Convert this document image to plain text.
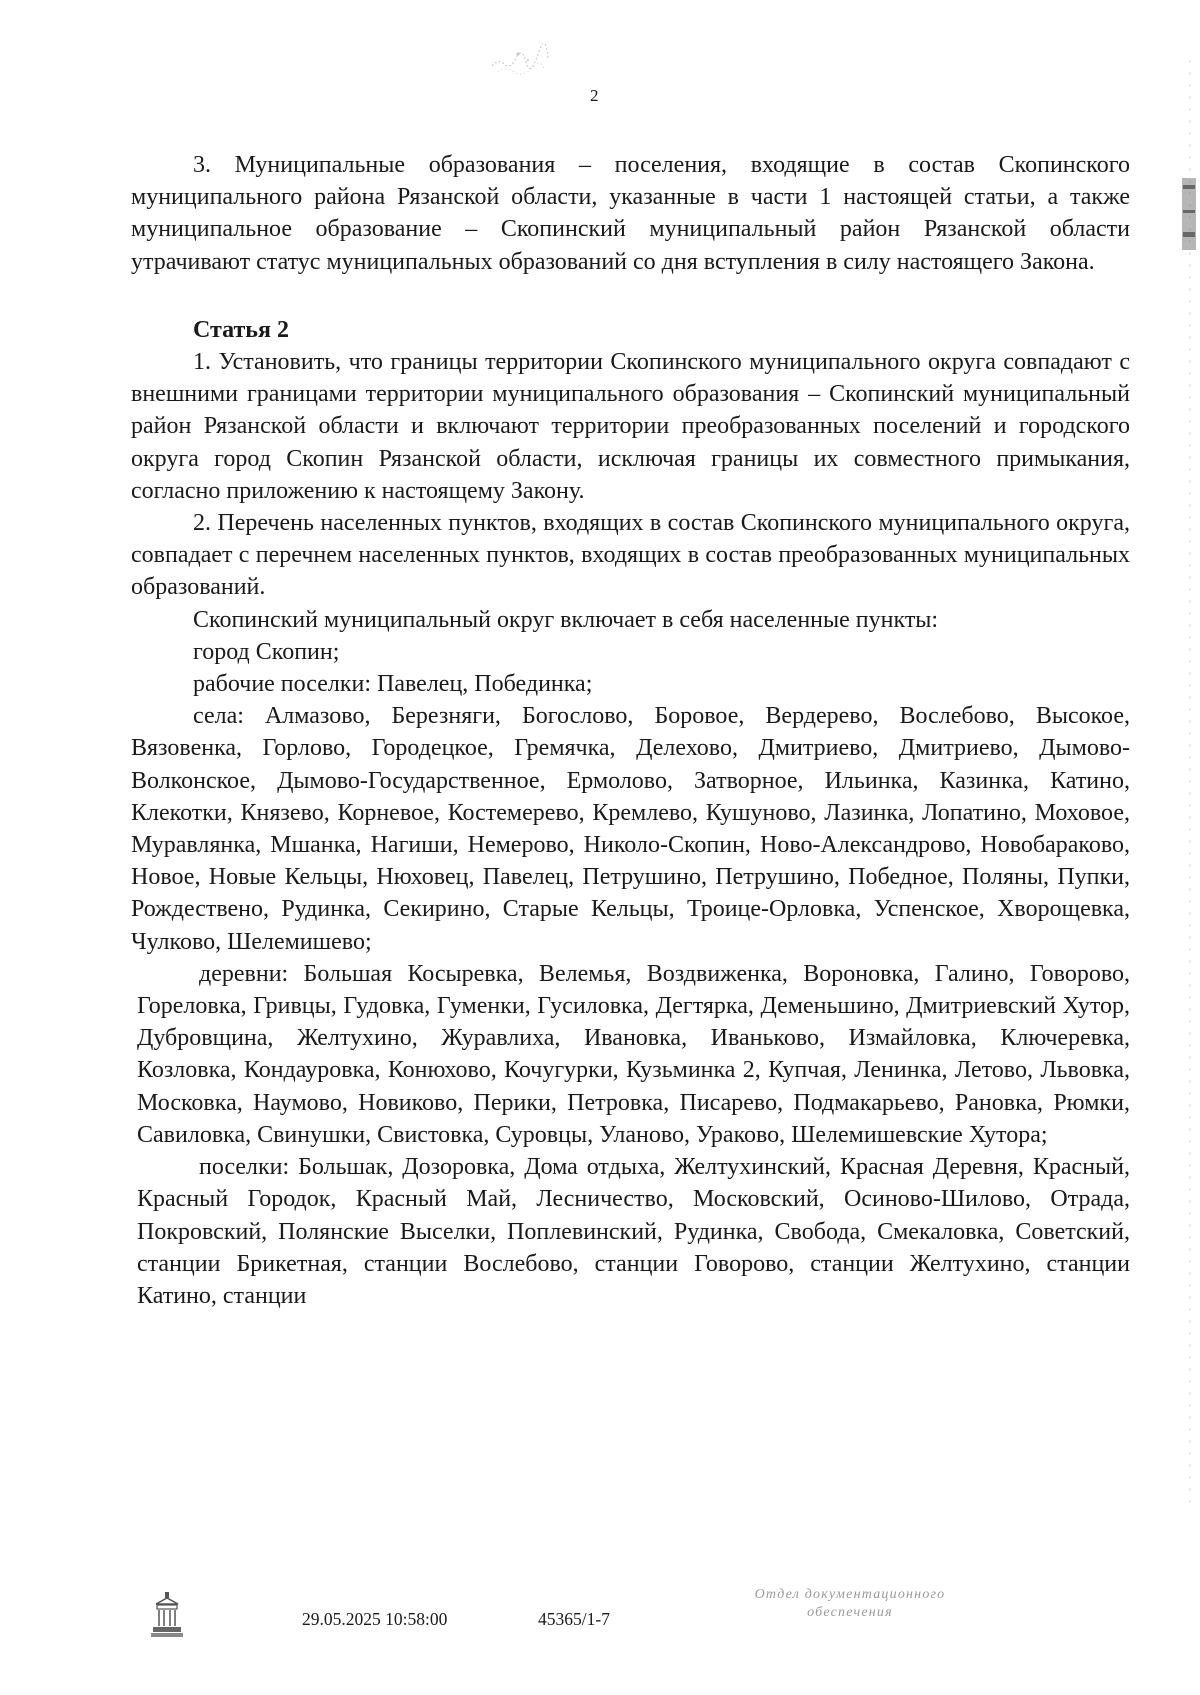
2

3. Муниципальные образования – поселения, входящие в состав Скопинского муниципального района Рязанской области, указанные в части 1 настоящей статьи, а также муниципальное образование – Скопинский муниципальный район Рязанской области утрачивают статус муниципальных образований со дня вступления в силу настоящего Закона.

Статья 2

1. Установить, что границы территории Скопинского муниципального округа совпадают с внешними границами территории муниципального образования – Скопинский муниципальный район Рязанской области и включают территории преобразованных поселений и городского округа город Скопин Рязанской области, исключая границы их совместного примыкания, согласно приложению к настоящему Закону.

2. Перечень населенных пунктов, входящих в состав Скопинского муниципального округа, совпадает с перечнем населенных пунктов, входящих в состав преобразованных муниципальных образований.

Скопинский муниципальный округ включает в себя населенные пункты:

город Скопин;

рабочие поселки: Павелец, Побединка;

села: Алмазово, Березняги, Богослово, Боровое, Вердерево, Вослебово, Высокое, Вязовенка, Горлово, Городецкое, Гремячка, Делехово, Дмитриево, Дмитриево, Дымово-Волконское, Дымово-Государственное, Ермолово, Затворное, Ильинка, Казинка, Катино, Клекотки, Князево, Корневое, Костемерево, Кремлево, Кушуново, Лазинка, Лопатино, Моховое, Муравлянка, Мшанка, Нагиши, Немерово, Николо-Скопин, Ново-Александрово, Новобараково, Новое, Новые Кельцы, Нюховец, Павелец, Петрушино, Петрушино, Победное, Поляны, Пупки, Рождествено, Рудинка, Секирино, Старые Кельцы, Троице-Орловка, Успенское, Хворощевка, Чулково, Шелемишево;

деревни: Большая Косыревка, Велемья, Воздвиженка, Вороновка, Галино, Говорово, Гореловка, Гривцы, Гудовка, Гуменки, Гусиловка, Дегтярка, Деменьшино, Дмитриевский Хутор, Дубровщина, Желтухино, Журавлиха, Ивановка, Иваньково, Измайловка, Ключеревка, Козловка, Кондауровка, Конюхово, Кочугурки, Кузьминка 2, Купчая, Ленинка, Летово, Львовка, Московка, Наумово, Новиково, Перики, Петровка, Писарево, Подмакарьево, Рановка, Рюмки, Савиловка, Свинушки, Свистовка, Суровцы, Уланово, Ураково, Шелемишевские Хутора;

поселки: Большак, Дозоровка, Дома отдыха, Желтухинский, Красная Деревня, Красный, Красный Городок, Красный Май, Лесничество, Московский, Осиново-Шилово, Отрада, Покровский, Полянские Выселки, Поплевинский, Рудинка, Свобода, Смекаловка, Советский, станции Брикетная, станции Вослебово, станции Говорово, станции Желтухино, станции Катино, станции

29.05.2025 10:58:00	45365/1-7
Отдел документационного
обеспечения
